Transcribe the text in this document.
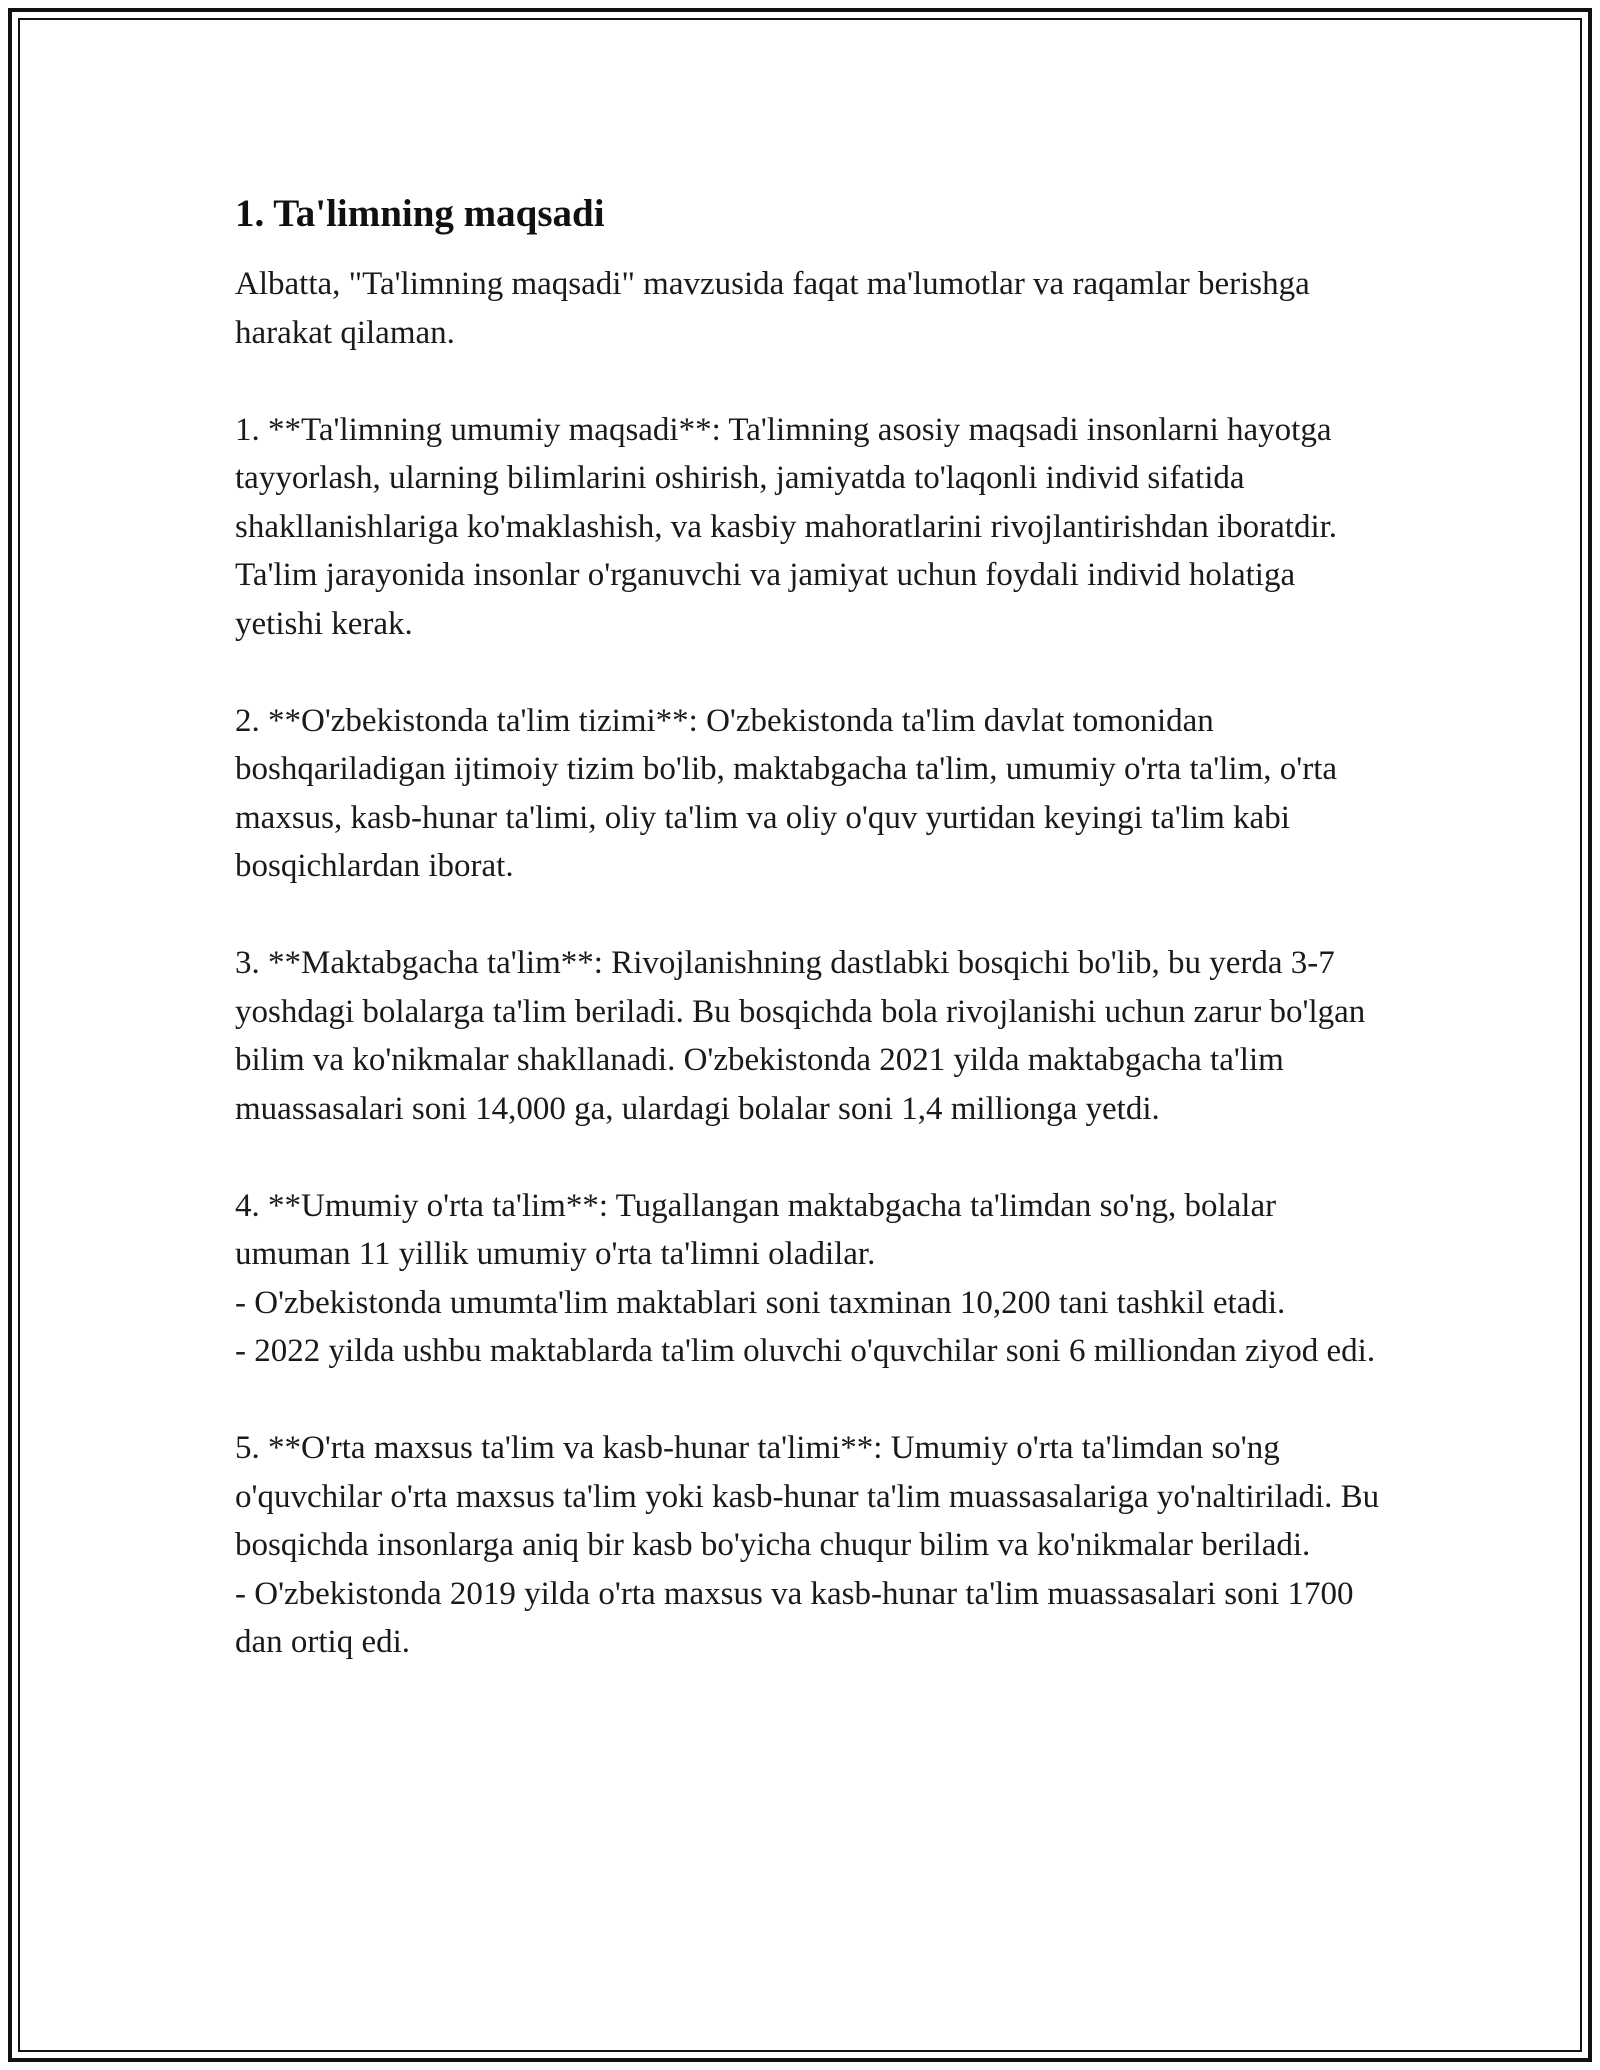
1. Ta'limning maqsadi

Albatta, "Ta'limning maqsadi" mavzusida faqat ma'lumotlar va raqamlar berishga harakat qilaman.

1. **Ta'limning umumiy maqsadi**: Ta'limning asosiy maqsadi insonlarni hayotga tayyorlash, ularning bilimlarini oshirish, jamiyatda to'laqonli individ sifatida shakllanishlariga ko'maklashish, va kasbiy mahoratlarini rivojlantirishdan iboratdir. Ta'lim jarayonida insonlar o'rganuvchi va jamiyat uchun foydali individ holatiga yetishi kerak.

2. **O'zbekistonda ta'lim tizimi**: O'zbekistonda ta'lim davlat tomonidan boshqariladigan ijtimoiy tizim bo'lib, maktabgacha ta'lim, umumiy o'rta ta'lim, o'rta maxsus, kasb-hunar ta'limi, oliy ta'lim va oliy o'quv yurtidan keyingi ta'lim kabi bosqichlardan iborat.

3. **Maktabgacha ta'lim**: Rivojlanishning dastlabki bosqichi bo'lib, bu yerda 3-7 yoshdagi bolalarga ta'lim beriladi. Bu bosqichda bola rivojlanishi uchun zarur bo'lgan bilim va ko'nikmalar shakllanadi. O'zbekistonda 2021 yilda maktabgacha ta'lim muassasalari soni 14,000 ga, ulardagi bolalar soni 1,4 millionga yetdi.

4. **Umumiy o'rta ta'lim**: Tugallangan maktabgacha ta'limdan so'ng, bolalar umuman 11 yillik umumiy o'rta ta'limni oladilar.

- O'zbekistonda umumta'lim maktablari soni taxminan 10,200 tani tashkil etadi.

- 2022 yilda ushbu maktablarda ta'lim oluvchi o'quvchilar soni 6 milliondan ziyod edi.

5. **O'rta maxsus ta'lim va kasb-hunar ta'limi**: Umumiy o'rta ta'limdan so'ng o'quvchilar o'rta maxsus ta'lim yoki kasb-hunar ta'lim muassasalariga yo'naltiriladi. Bu bosqichda insonlarga aniq bir kasb bo'yicha chuqur bilim va ko'nikmalar beriladi.

- O'zbekistonda 2019 yilda o'rta maxsus va kasb-hunar ta'lim muassasalari soni 1700 dan ortiq edi.
